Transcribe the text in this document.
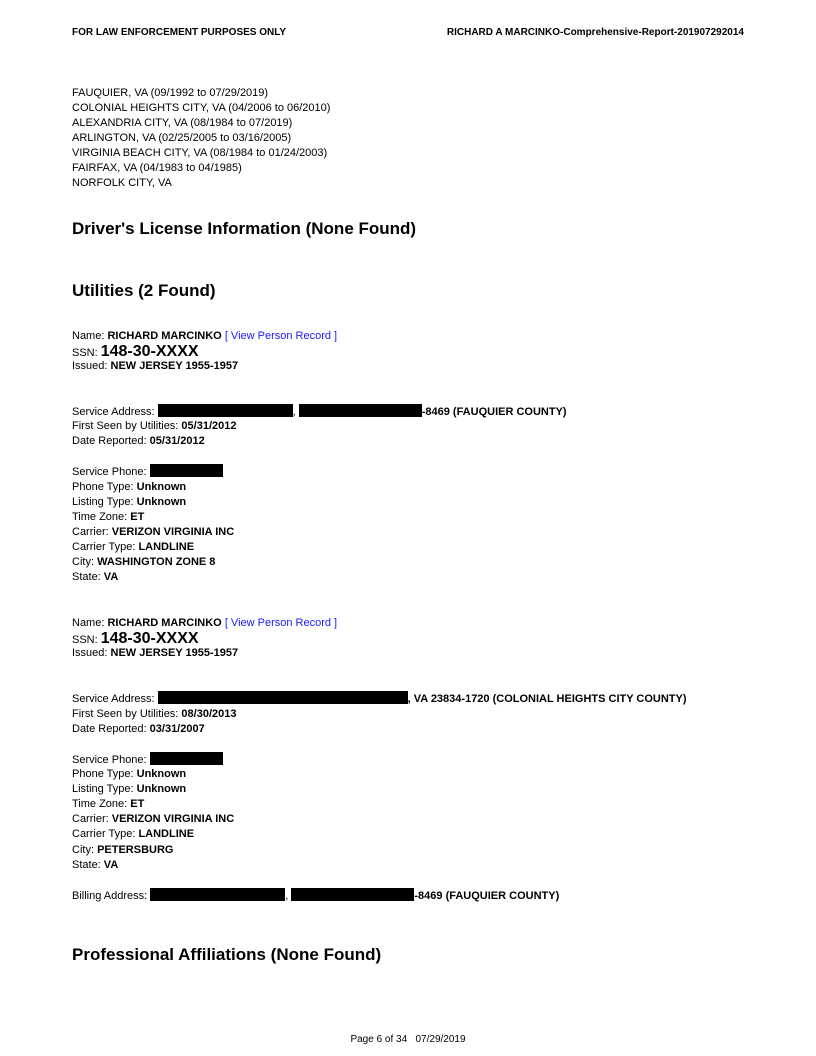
FOR LAW ENFORCEMENT PURPOSES ONLY	RICHARD A MARCINKO-Comprehensive-Report-201907292014
FAUQUIER, VA (09/1992 to 07/29/2019)
COLONIAL HEIGHTS CITY, VA (04/2006 to 06/2010)
ALEXANDRIA CITY, VA (08/1984 to 07/2019)
ARLINGTON, VA (02/25/2005 to 03/16/2005)
VIRGINIA BEACH CITY, VA (08/1984 to 01/24/2003)
FAIRFAX, VA (04/1983 to 04/1985)
NORFOLK CITY, VA
Driver's License Information (None Found)
Utilities (2 Found)
Name: RICHARD MARCINKO [ View Person Record ]
SSN: 148-30-XXXX
Issued: NEW JERSEY 1955-1957
Service Address:	,	-8469 (FAUQUIER COUNTY)
First Seen by Utilities: 05/31/2012
Date Reported: 05/31/2012
Service Phone:
Phone Type: Unknown
Listing Type: Unknown
Time Zone: ET
Carrier: VERIZON VIRGINIA INC
Carrier Type: LANDLINE
City: WASHINGTON ZONE 8
State: VA
Name: RICHARD MARCINKO [ View Person Record ]
SSN: 148-30-XXXX
Issued: NEW JERSEY 1955-1957
Service Address:	, VA 23834-1720 (COLONIAL HEIGHTS CITY COUNTY)
First Seen by Utilities: 08/30/2013
Date Reported: 03/31/2007
Service Phone:
Phone Type: Unknown
Listing Type: Unknown
Time Zone: ET
Carrier: VERIZON VIRGINIA INC
Carrier Type: LANDLINE
City: PETERSBURG
State: VA
Billing Address:	,	-8469 (FAUQUIER COUNTY)
Professional Affiliations (None Found)
Page 6 of 34 07/29/2019
